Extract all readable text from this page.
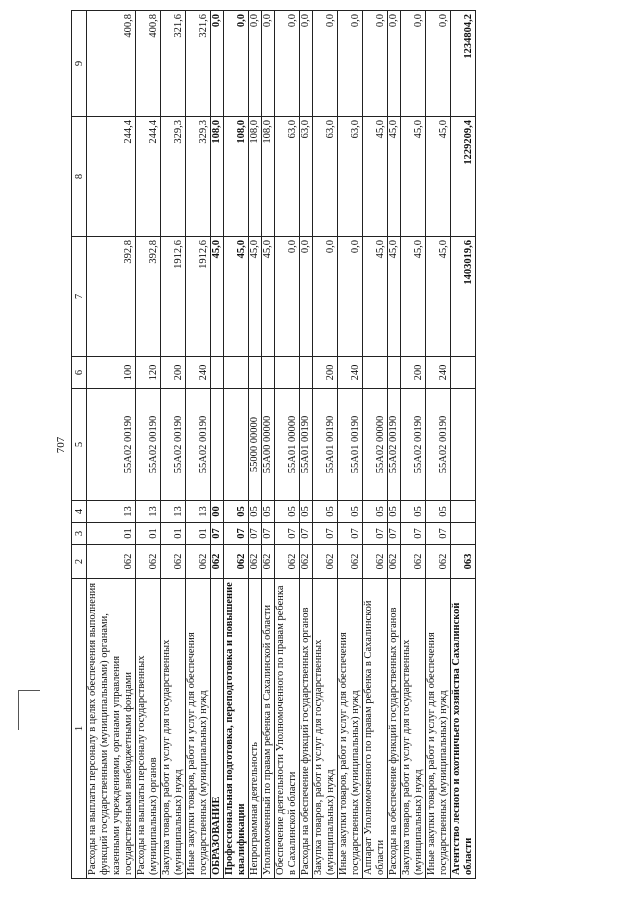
707
1	2	3	4	5	6	7	8	9
Расходы на выплаты персоналу в целях обеспечения выполнения функций государственными (муниципальными) органами, казенными учреждениями, органами управления государственными внебюджетными фондами	062	01	13	55А02 00190	100	392,8	244,4	400,8
Расходы на выплаты персоналу государственных (муниципальных) органов	062	01	13	55А02 00190	120	392,8	244,4	400,8
Закупка товаров, работ и услуг для государственных (муниципальных) нужд	062	01	13	55А02 00190	200	1912,6	329,3	321,6
Иные закупки товаров, работ и услуг для обеспечения государственных (муниципальных) нужд	062	01	13	55А02 00190	240	1912,6	329,3	321,6
ОБРАЗОВАНИЕ	062	07	00			45,0	108,0	0,0
Профессиональная подготовка, переподготовка и повышение квалификации	062	07	05			45,0	108,0	0,0
Непрограммная деятельность	062	07	05	55000 00000		45,0	108,0	0,0
Уполномоченный по правам ребенка в Сахалинской области	062	07	05	55А00 00000		45,0	108,0	0,0
Обеспечение деятельности Уполномоченного по правам ребенка в Сахалинской области	062	07	05	55А01 00000		0,0	63,0	0,0
Расходы на обеспечение функций государственных органов	062	07	05	55А01 00190		0,0	63,0	0,0
Закупка товаров, работ и услуг для государственных (муниципальных) нужд	062	07	05	55А01 00190	200	0,0	63,0	0,0
Иные закупки товаров, работ и услуг для обеспечения государственных (муниципальных) нужд	062	07	05	55А01 00190	240	0,0	63,0	0,0
Аппарат Уполномоченного по правам ребенка в Сахалинской области	062	07	05	55А02 00000		45,0	45,0	0,0
Расходы на обеспечение функций государственных органов	062	07	05	55А02 00190		45,0	45,0	0,0
Закупка товаров, работ и услуг для государственных (муниципальных) нужд	062	07	05	55А02 00190	200	45,0	45,0	0,0
Иные закупки товаров, работ и услуг для обеспечения государственных (муниципальных) нужд	062	07	05	55А02 00190	240	45,0	45,0	0,0
Агентство лесного и охотничьего хозяйства Сахалинской области	063					1403019,6	1229209,4	1234804,2
